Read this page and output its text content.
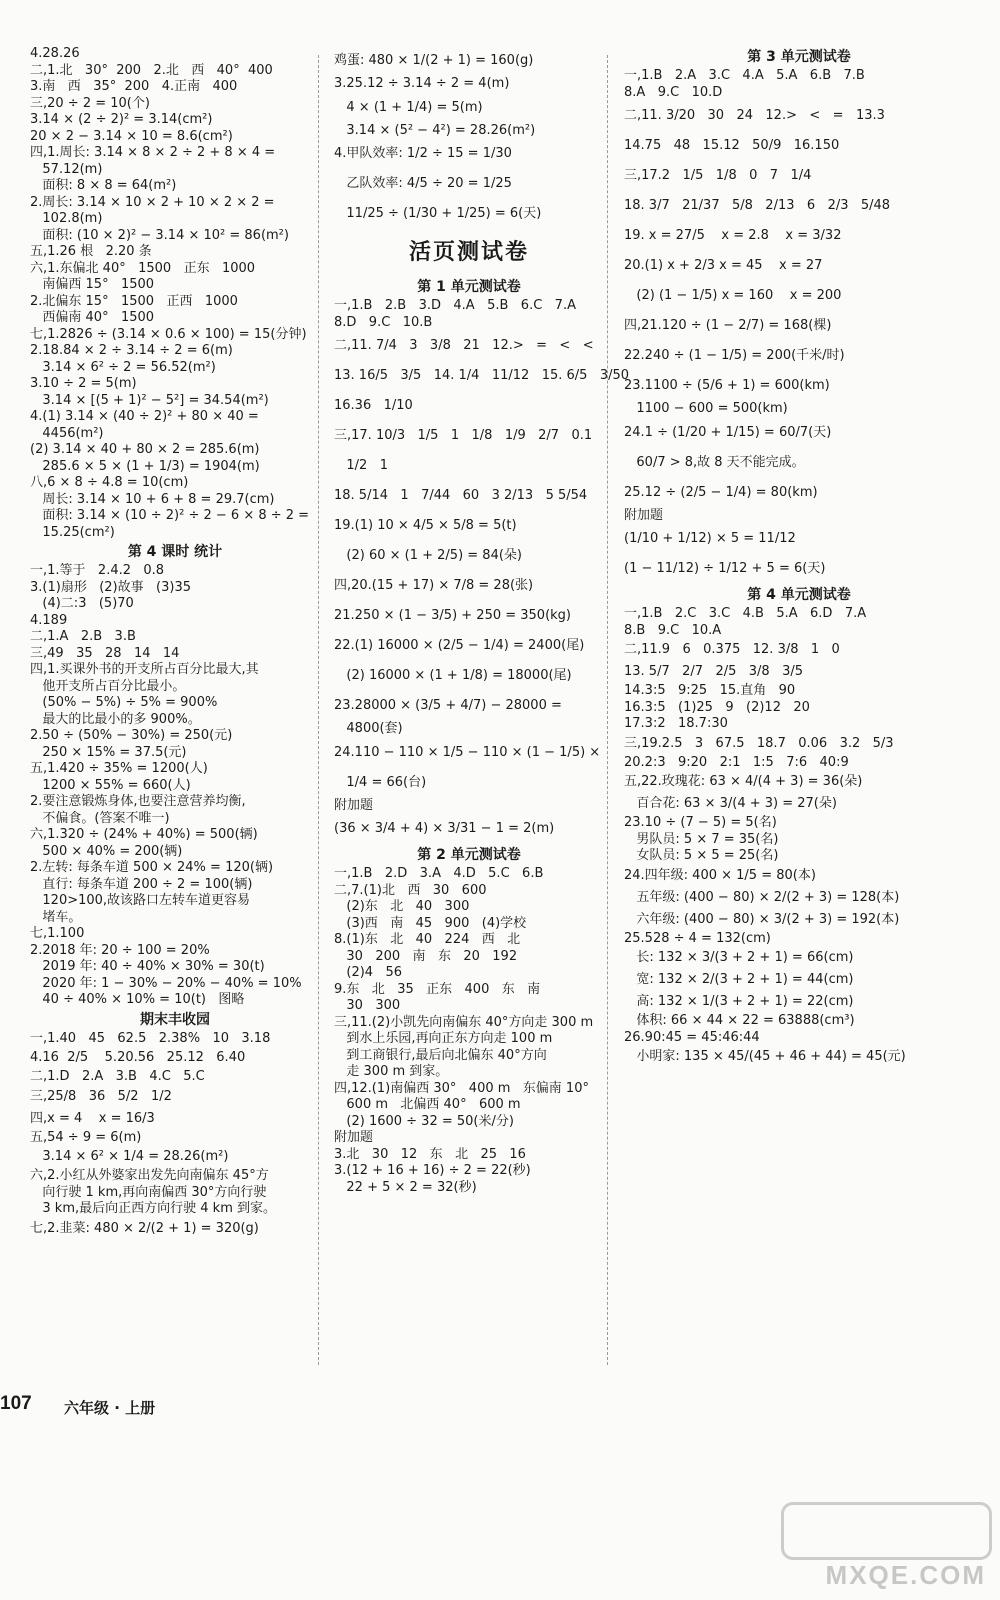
4.28.26
二,1.北   30°  200   2.北   西   40°  400
3.南   西   35°  200   4.正南   400
三,20 ÷ 2 = 10(个)
3.14 × (2 ÷ 2)² = 3.14(cm²)
20 × 2 − 3.14 × 10 = 8.6(cm²)
四,1.周长: 3.14 × 8 × 2 ÷ 2 + 8 × 4 =
57.12(m)
面积: 8 × 8 = 64(m²)
2.周长: 3.14 × 10 × 2 + 10 × 2 × 2 =
102.8(m)
面积: (10 × 2)² − 3.14 × 10² = 86(m²)
五,1.26 根   2.20 条
六,1.东偏北 40°   1500   正东   1000
南偏西 15°   1500
2.北偏东 15°   1500   正西   1000
西偏南 40°   1500
七,1.2826 ÷ (3.14 × 0.6 × 100) = 15(分钟)
2.18.84 × 2 ÷ 3.14 ÷ 2 = 6(m)
3.14 × 6² ÷ 2 = 56.52(m²)
3.10 ÷ 2 = 5(m)
3.14 × [(5 + 1)² − 5²] = 34.54(m²)
4.(1) 3.14 × (40 ÷ 2)² + 80 × 40 =
4456(m²)
(2) 3.14 × 40 + 80 × 2 = 285.6(m)
285.6 × 5 × (1 + 1/3) = 1904(m)
八,6 × 8 ÷ 4.8 = 10(cm)
周长: 3.14 × 10 + 6 + 8 = 29.7(cm)
面积: 3.14 × (10 ÷ 2)² ÷ 2 − 6 × 8 ÷ 2 =
15.25(cm²)
第 4 课时 统计
一,1.等于   2.4.2   0.8
3.(1)扇形   (2)故事   (3)35
(4)二:3   (5)70
4.189
二,1.A   2.B   3.B
三,49   35   28   14   14
四,1.买课外书的开支所占百分比最大,其
他开支所占百分比最小。
(50% − 5%) ÷ 5% = 900%
最大的比最小的多 900%。
2.50 ÷ (50% − 30%) = 250(元)
250 × 15% = 37.5(元)
五,1.420 ÷ 35% = 1200(人)
1200 × 55% = 660(人)
2.要注意锻炼身体,也要注意营养均衡,
不偏食。(答案不唯一)
六,1.320 ÷ (24% + 40%) = 500(辆)
500 × 40% = 200(辆)
2.左转: 每条车道 500 × 24% = 120(辆)
直行: 每条车道 200 ÷ 2 = 100(辆)
120>100,故该路口左转车道更容易
堵车。
七,1.100
2.2018 年: 20 ÷ 100 = 20%
2019 年: 40 ÷ 40% × 30% = 30(t)
2020 年: 1 − 30% − 20% − 40% = 10%
40 ÷ 40% × 10% = 10(t)   图略
期末丰收园
一,1.40   45   62.5   2.38%   10   3.18
4.16  2/5    5.20.56   25.12   6.40
二,1.D   2.A   3.B   4.C   5.C
三,25/8   36   5/2   1/2
四,x = 4    x = 16/3
五,54 ÷ 9 = 6(m)
3.14 × 6² × 1/4 = 28.26(m²)
六,2.小红从外婆家出发先向南偏东 45°方
向行驶 1 km,再向南偏西 30°方向行驶
3 km,最后向正西方向行驶 4 km 到家。
七,2.韭菜: 480 × 2/(2 + 1) = 320(g)
鸡蛋: 480 × 1/(2 + 1) = 160(g)
3.25.12 ÷ 3.14 ÷ 2 = 4(m)
4 × (1 + 1/4) = 5(m)
3.14 × (5² − 4²) = 28.26(m²)
4.甲队效率: 1/2 ÷ 15 = 1/30
乙队效率: 4/5 ÷ 20 = 1/25
11/25 ÷ (1/30 + 1/25) = 6(天)
活页测试卷
第 1 单元测试卷
一,1.B   2.B   3.D   4.A   5.B   6.C   7.A
8.D   9.C   10.B
二,11. 7/4   3   3/8   21   12.>   =   <   <
13. 16/5   3/5   14. 1/4   11/12   15. 6/5   3/50
16.36   1/10
三,17. 10/3   1/5   1   1/8   1/9   2/7   0.1
1/2   1
18. 5/14   1   7/44   60   3 2/13   5 5/54
19.(1) 10 × 4/5 × 5/8 = 5(t)
(2) 60 × (1 + 2/5) = 84(朵)
四,20.(15 + 17) × 7/8 = 28(张)
21.250 × (1 − 3/5) + 250 = 350(kg)
22.(1) 16000 × (2/5 − 1/4) = 2400(尾)
(2) 16000 × (1 + 1/8) = 18000(尾)
23.28000 × (3/5 + 4/7) − 28000 =
4800(套)
24.110 − 110 × 1/5 − 110 × (1 − 1/5) ×
1/4 = 66(台)
附加题
(36 × 3/4 + 4) × 3/31 − 1 = 2(m)
第 2 单元测试卷
一,1.B   2.D   3.A   4.D   5.C   6.B
二,7.(1)北   西   30   600
(2)东   北   40   300
(3)西   南   45   900   (4)学校
8.(1)东   北   40   224   西   北
30   200   南   东   20   192
(2)4   56
9.东   北   35   正东   400   东   南
30   300
三,11.(2)小凯先向南偏东 40°方向走 300 m
到水上乐园,再向正东方向走 100 m
到工商银行,最后向北偏东 40°方向
走 300 m 到家。
四,12.(1)南偏西 30°   400 m   东偏南 10°
600 m   北偏西 40°   600 m
(2) 1600 ÷ 32 = 50(米/分)
附加题
3.北   30   12   东   北   25   16
3.(12 + 16 + 16) ÷ 2 = 22(秒)
22 + 5 × 2 = 32(秒)
第 3 单元测试卷
一,1.B   2.A   3.C   4.A   5.A   6.B   7.B
8.A   9.C   10.D
二,11. 3/20   30   24   12.>   <   =   13.3
14.75   48   15.12   50/9   16.150
三,17.2   1/5   1/8   0   7   1/4
18. 3/7   21/37   5/8   2/13   6   2/3   5/48
19. x = 27/5    x = 2.8    x = 3/32
20.(1) x + 2/3 x = 45    x = 27
(2) (1 − 1/5) x = 160    x = 200
四,21.120 ÷ (1 − 2/7) = 168(棵)
22.240 ÷ (1 − 1/5) = 200(千米/时)
23.1100 ÷ (5/6 + 1) = 600(km)
1100 − 600 = 500(km)
24.1 ÷ (1/20 + 1/15) = 60/7(天)
60/7 > 8,故 8 天不能完成。
25.12 ÷ (2/5 − 1/4) = 80(km)
附加题
(1/10 + 1/12) × 5 = 11/12
(1 − 11/12) ÷ 1/12 + 5 = 6(天)
第 4 单元测试卷
一,1.B   2.C   3.C   4.B   5.A   6.D   7.A
8.B   9.C   10.A
二,11.9   6   0.375   12. 3/8   1   0
13. 5/7   2/7   2/5   3/8   3/5
14.3:5   9:25   15.直角   90
16.3:5   (1)25   9   (2)12   20
17.3:2   18.7:30
三,19.2.5   3   67.5   18.7   0.06   3.2   5/3
20.2:3   9:20   2:1   1:5   7:6   40:9
五,22.玫瑰花: 63 × 4/(4 + 3) = 36(朵)
百合花: 63 × 3/(4 + 3) = 27(朵)
23.10 ÷ (7 − 5) = 5(名)
男队员: 5 × 7 = 35(名)
女队员: 5 × 5 = 25(名)
24.四年级: 400 × 1/5 = 80(本)
五年级: (400 − 80) × 2/(2 + 3) = 128(本)
六年级: (400 − 80) × 3/(2 + 3) = 192(本)
25.528 ÷ 4 = 132(cm)
长: 132 × 3/(3 + 2 + 1) = 66(cm)
宽: 132 × 2/(3 + 2 + 1) = 44(cm)
高: 132 × 1/(3 + 2 + 1) = 22(cm)
体积: 66 × 44 × 22 = 63888(cm³)
26.90:45 = 45:46:44
小明家: 135 × 45/(45 + 46 + 44) = 45(元)
107 六年级 · 上册
MXQE.COM
